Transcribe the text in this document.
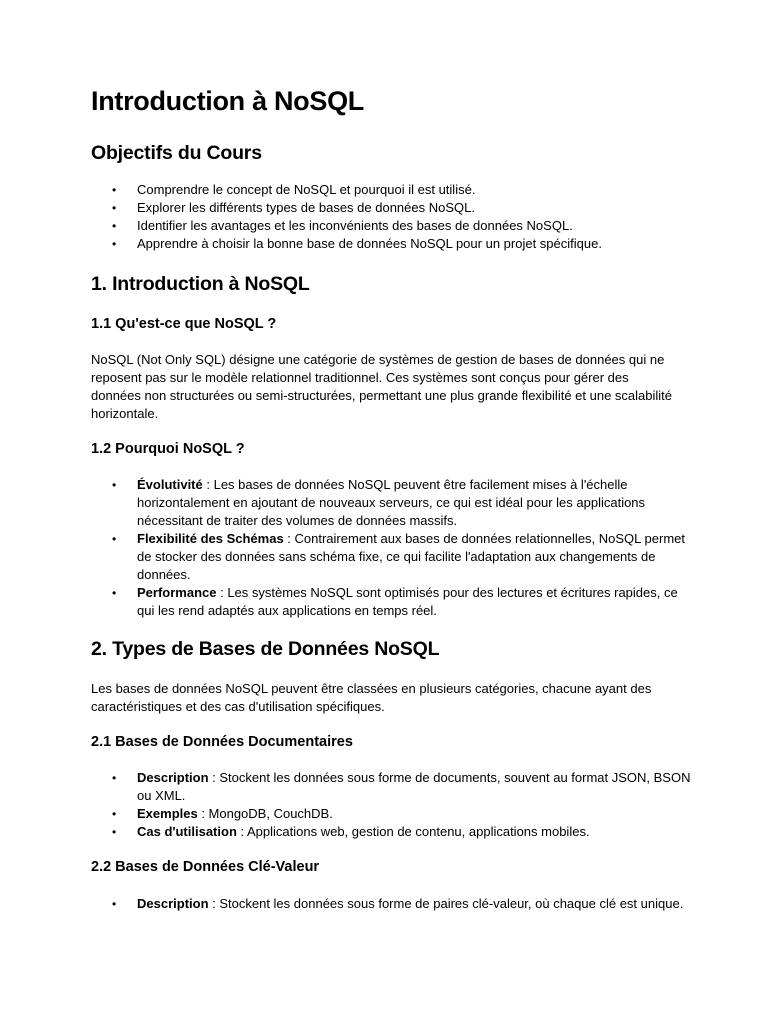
Introduction à NoSQL
Objectifs du Cours
• Comprendre le concept de NoSQL et pourquoi il est utilisé.
• Explorer les différents types de bases de données NoSQL.
• Identifier les avantages et les inconvénients des bases de données NoSQL.
• Apprendre à choisir la bonne base de données NoSQL pour un projet spécifique.
1. Introduction à NoSQL
1.1 Qu'est-ce que NoSQL ?

NoSQL (Not Only SQL) désigne une catégorie de systèmes de gestion de bases de données qui ne reposent pas sur le modèle relationnel traditionnel. Ces systèmes sont conçus pour gérer des données non structurées ou semi-structurées, permettant une plus grande flexibilité et une scalabilité horizontale.

1.2 Pourquoi NoSQL ?
• Évolutivité : Les bases de données NoSQL peuvent être facilement mises à l'échelle horizontalement en ajoutant de nouveaux serveurs, ce qui est idéal pour les applications nécessitant de traiter des volumes de données massifs.
• Flexibilité des Schémas : Contrairement aux bases de données relationnelles, NoSQL permet de stocker des données sans schéma fixe, ce qui facilite l'adaptation aux changements de données.
• Performance : Les systèmes NoSQL sont optimisés pour des lectures et écritures rapides, ce qui les rend adaptés aux applications en temps réel.
2. Types de Bases de Données NoSQL

Les bases de données NoSQL peuvent être classées en plusieurs catégories, chacune ayant des caractéristiques et des cas d'utilisation spécifiques.

2.1 Bases de Données Documentaires
• Description : Stockent les données sous forme de documents, souvent au format JSON, BSON ou XML.
• Exemples : MongoDB, CouchDB.
• Cas d'utilisation : Applications web, gestion de contenu, applications mobiles.
2.2 Bases de Données Clé-Valeur
• Description : Stockent les données sous forme de paires clé-valeur, où chaque clé est unique.
